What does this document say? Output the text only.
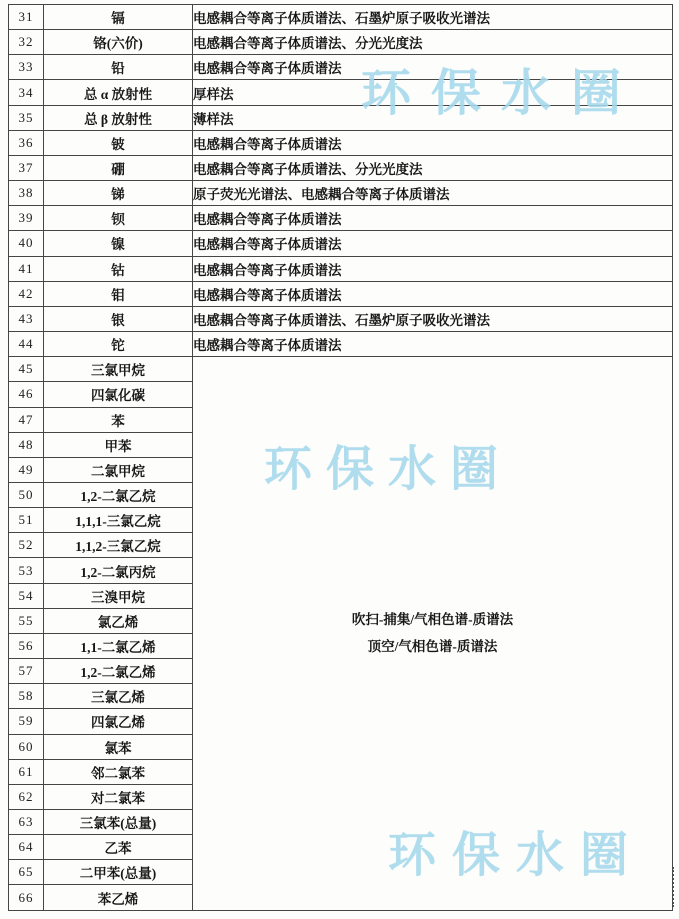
31	镉	电感耦合等离子体质谱法、石墨炉原子吸收光谱法
32	铬(六价)	电感耦合等离子体质谱法、分光光度法
33	铅	电感耦合等离子体质谱法
34	总 α 放射性	厚样法
35	总 β 放射性	薄样法
36	铍	电感耦合等离子体质谱法
37	硼	电感耦合等离子体质谱法、分光光度法
38	锑	原子荧光光谱法、电感耦合等离子体质谱法
39	钡	电感耦合等离子体质谱法
40	镍	电感耦合等离子体质谱法
41	钴	电感耦合等离子体质谱法
42	钼	电感耦合等离子体质谱法
43	银	电感耦合等离子体质谱法、石墨炉原子吸收光谱法
44	铊	电感耦合等离子体质谱法
45	三氯甲烷	吹扫-捕集/气相色谱-质谱法
顶空/气相色谱-质谱法

46	四氯化碳	
47	苯	
48	甲苯	
49	二氯甲烷	
50	1,2-二氯乙烷	
51	1,1,1-三氯乙烷	
52	1,1,2-三氯乙烷	
53	1,2-二氯丙烷	
54	三溴甲烷	
55	氯乙烯	
56	1,1-二氯乙烯	
57	1,2-二氯乙烯	
58	三氯乙烯	
59	四氯乙烯	
60	氯苯	
61	邻二氯苯	
62	对二氯苯	
63	三氯苯(总量)	
64	乙苯	
65	二甲苯(总量)	
66	苯乙烯	
环保水圈
环保水圈
环保水圈
